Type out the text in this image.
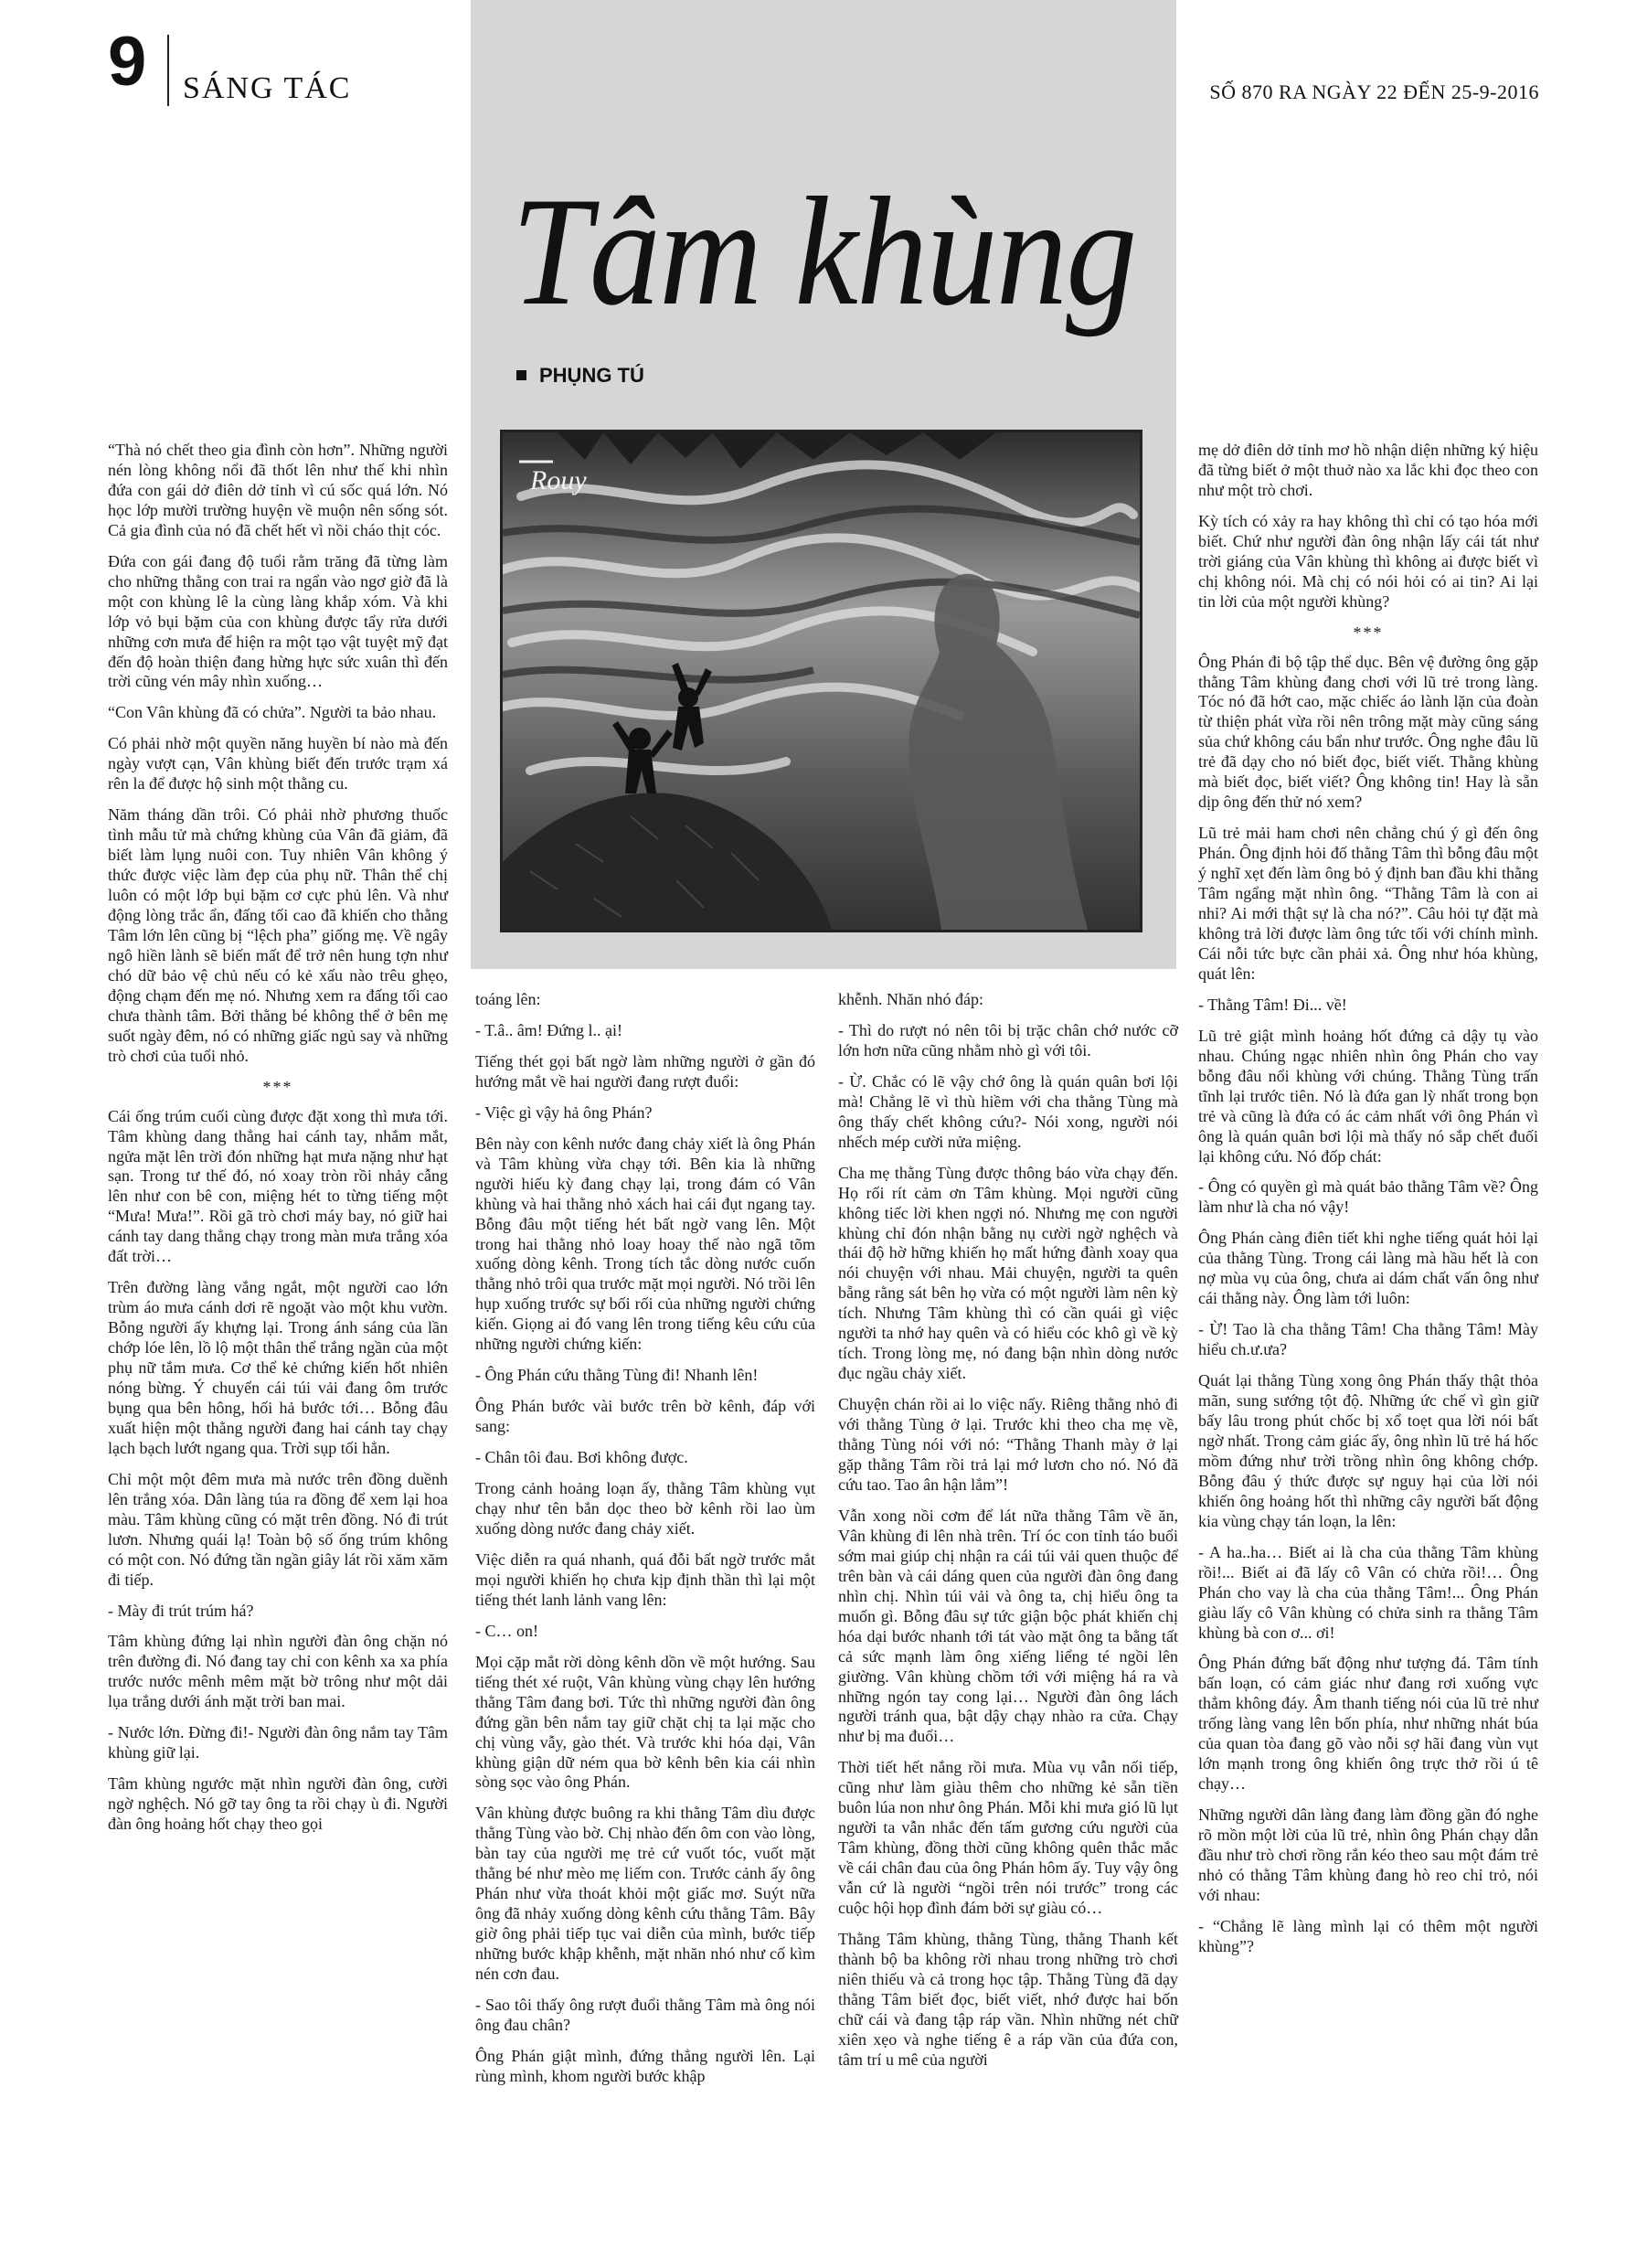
9 SÁNG TÁC	SỐ 870 RA NGÀY 22 ĐẾN 25-9-2016
Tâm khùng
PHỤNG TÚ
Rouy

“Thà nó chết theo gia đình còn hơn”. Những người nén lòng không nổi đã thốt lên như thế khi nhìn đứa con gái dở điên dở tỉnh vì cú sốc quá lớn. Nó học lớp mười trường huyện về muộn nên sống sót. Cả gia đình của nó đã chết hết vì nồi cháo thịt cóc.

Đứa con gái đang độ tuổi rằm trăng đã từng làm cho những thằng con trai ra ngẩn vào ngơ giờ đã là một con khùng lê la cùng làng khắp xóm. Và khi lớp vỏ bụi bặm của con khùng được tẩy rửa dưới những cơn mưa để hiện ra một tạo vật tuyệt mỹ đạt đến độ hoàn thiện đang hừng hực sức xuân thì đến trời cũng vén mây nhìn xuống…

“Con Vân khùng đã có chửa”. Người ta bảo nhau.

Có phải nhờ một quyền năng huyền bí nào mà đến ngày vượt cạn, Vân khùng biết đến trước trạm xá rên la để được hộ sinh một thằng cu.

Năm tháng dần trôi. Có phải nhờ phương thuốc tình mẫu tử mà chứng khùng của Vân đã giảm, đã biết làm lụng nuôi con. Tuy nhiên Vân không ý thức được việc làm đẹp của phụ nữ. Thân thể chị luôn có một lớp bụi bặm cơ cực phủ lên. Và như động lòng trắc ẩn, đấng tối cao đã khiến cho thằng Tâm lớn lên cũng bị “lệch pha” giống mẹ. Về ngây ngô hiền lành sẽ biến mất để trở nên hung tợn như chó dữ bảo vệ chủ nếu có kẻ xấu nào trêu ghẹo, động chạm đến mẹ nó. Nhưng xem ra đấng tối cao chưa thành tâm. Bởi thằng bé không thể ở bên mẹ suốt ngày đêm, nó có những giấc ngủ say và những trò chơi của tuổi nhỏ.

***

Cái ống trúm cuối cùng được đặt xong thì mưa tới. Tâm khùng dang thẳng hai cánh tay, nhắm mắt, ngửa mặt lên trời đón những hạt mưa nặng như hạt sạn. Trong tư thế đó, nó xoay tròn rồi nhảy cẫng lên như con bê con, miệng hét to từng tiếng một “Mưa! Mưa!”. Rồi gã trò chơi máy bay, nó giữ hai cánh tay dang thẳng chạy trong màn mưa trắng xóa đất trời…

Trên đường làng vắng ngắt, một người cao lớn trùm áo mưa cánh dơi rẽ ngoặt vào một khu vườn. Bỗng người ấy khựng lại. Trong ánh sáng của lần chớp lóe lên, lồ lộ một thân thể trắng ngần của một phụ nữ tắm mưa. Cơ thể kẻ chứng kiến hốt nhiên nóng bừng. Ý chuyển cái túi vải đang ôm trước bụng qua bên hông, hối hả bước tới… Bỗng đâu xuất hiện một thằng người đang hai cánh tay chạy lạch bạch lướt ngang qua. Trời sụp tối hẳn.

Chỉ một một đêm mưa mà nước trên đồng duềnh lên trắng xóa. Dân làng túa ra đồng để xem lại hoa màu. Tâm khùng cũng có mặt trên đồng. Nó đi trút lươn. Nhưng quái lạ! Toàn bộ số ống trúm không có một con. Nó đứng tần ngần giây lát rồi xăm xăm đi tiếp.

- Mày đi trút trúm há?

Tâm khùng đứng lại nhìn người đàn ông chặn nó trên đường đi. Nó đang tay chỉ con kênh xa xa phía trước nước mênh mêm mặt bờ trông như một dải lụa trắng dưới ánh mặt trời ban mai.

- Nước lớn. Đừng đi!- Người đàn ông nắm tay Tâm khùng giữ lại.

Tâm khùng ngước mặt nhìn người đàn ông, cười ngờ nghệch. Nó gỡ tay ông ta rồi chạy ù đi. Người đàn ông hoảng hốt chạy theo gọi

toáng lên:

- T.â.. âm! Đứng l.. ại!

Tiếng thét gọi bất ngờ làm những người ở gần đó hướng mắt về hai người đang rượt đuổi:

- Việc gì vậy hả ông Phán?

Bên này con kênh nước đang chảy xiết là ông Phán và Tâm khùng vừa chạy tới. Bên kia là những người hiếu kỳ đang chạy lại, trong đám có Vân khùng và hai thằng nhỏ xách hai cái đụt ngang tay. Bỗng đâu một tiếng hét bất ngờ vang lên. Một trong hai thằng nhỏ loay hoay thế nào ngã tõm xuống dòng kênh. Trong tích tắc dòng nước cuốn thằng nhỏ trôi qua trước mặt mọi người. Nó trồi lên hụp xuống trước sự bối rối của những người chứng kiến. Giọng ai đó vang lên trong tiếng kêu cứu của những người chứng kiến:

- Ông Phán cứu thằng Tùng đi! Nhanh lên!

Ông Phán bước vài bước trên bờ kênh, đáp với sang:

- Chân tôi đau. Bơi không được.

Trong cảnh hoảng loạn ấy, thằng Tâm khùng vụt chạy như tên bắn dọc theo bờ kênh rồi lao ùm xuống dòng nước đang chảy xiết.

Việc diễn ra quá nhanh, quá đỗi bất ngờ trước mắt mọi người khiến họ chưa kịp định thần thì lại một tiếng thét lanh lảnh vang lên:

- C… on!

Mọi cặp mắt rời dòng kênh dồn về một hướng. Sau tiếng thét xé ruột, Vân khùng vùng chạy lên hướng thằng Tâm đang bơi. Tức thì những người đàn ông đứng gần bên nắm tay giữ chặt chị ta lại mặc cho chị vùng vẫy, gào thét. Và trước khi hóa dại, Vân khùng giận dữ ném qua bờ kênh bên kia cái nhìn sòng sọc vào ông Phán.

Vân khùng được buông ra khi thằng Tâm dìu được thằng Tùng vào bờ. Chị nhào đến ôm con vào lòng, bàn tay của người mẹ trẻ cứ vuốt tóc, vuốt mặt thằng bé như mèo mẹ liếm con. Trước cảnh ấy ông Phán như vừa thoát khỏi một giấc mơ. Suýt nữa ông đã nhảy xuống dòng kênh cứu thằng Tâm. Bây giờ ông phải tiếp tục vai diễn của mình, bước tiếp những bước khập khễnh, mặt nhăn nhó như cố kìm nén cơn đau.

- Sao tôi thấy ông rượt đuổi thằng Tâm mà ông nói ông đau chân?

Ông Phán giật mình, đứng thẳng người lên. Lại rùng mình, khom người bước khập

khễnh. Nhăn nhó đáp:

- Thì do rượt nó nên tôi bị trặc chân chớ nước cỡ lớn hơn nữa cũng nhằm nhò gì với tôi.

- Ừ. Chắc có lẽ vậy chớ ông là quán quân bơi lội mà! Chẳng lẽ vì thù hiềm với cha thằng Tùng mà ông thấy chết không cứu?- Nói xong, người nói nhếch mép cười nửa miệng.

Cha mẹ thằng Tùng được thông báo vừa chạy đến. Họ rối rít cảm ơn Tâm khùng. Mọi người cũng không tiếc lời khen ngợi nó. Nhưng mẹ con người khùng chỉ đón nhận bằng nụ cười ngờ nghệch và thái độ hờ hững khiến họ mất hứng đành xoay qua nói chuyện với nhau. Mải chuyện, người ta quên bẵng rằng sát bên họ vừa có một người làm nên kỳ tích. Nhưng Tâm khùng thì có cần quái gì việc người ta nhớ hay quên và có hiểu cóc khô gì về kỳ tích. Trong lòng mẹ, nó đang bận nhìn dòng nước đục ngầu chảy xiết.

Chuyện chán rồi ai lo việc nấy. Riêng thằng nhỏ đi với thằng Tùng ở lại. Trước khi theo cha mẹ về, thằng Tùng nói với nó: “Thằng Thanh mày ở lại gặp thằng Tâm rồi trả lại mớ lươn cho nó. Nó đã cứu tao. Tao ân hận lắm”!

Vẫn xong nồi cơm để lát nữa thằng Tâm về ăn, Vân khùng đi lên nhà trên. Trí óc con tỉnh táo buổi sớm mai giúp chị nhận ra cái túi vải quen thuộc để trên bàn và cái dáng quen của người đàn ông đang nhìn chị. Nhìn túi vải và ông ta, chị hiểu ông ta muốn gì. Bỗng đâu sự tức giận bộc phát khiến chị hóa dại bước nhanh tới tát vào mặt ông ta bằng tất cả sức mạnh làm ông xiếng liểng té ngồi lên giường. Vân khùng chồm tới với miệng há ra và những ngón tay cong lại… Người đàn ông lách người tránh qua, bật dậy chạy nhào ra cửa. Chạy như bị ma đuổi…

Thời tiết hết nắng rồi mưa. Mùa vụ vẫn nối tiếp, cũng như làm giàu thêm cho những kẻ sẵn tiền buôn lúa non như ông Phán. Mỗi khi mưa gió lũ lụt người ta vẫn nhắc đến tấm gương cứu người của Tâm khùng, đồng thời cũng không quên thắc mắc về cái chân đau của ông Phán hôm ấy. Tuy vậy ông vẫn cứ là người “ngồi trên nói trước” trong các cuộc hội họp đình đám bởi sự giàu có…

Thằng Tâm khùng, thằng Tùng, thằng Thanh kết thành bộ ba không rời nhau trong những trò chơi niên thiếu và cả trong học tập. Thằng Tùng đã dạy thằng Tâm biết đọc, biết viết, nhớ được hai bốn chữ cái và đang tập ráp vần. Nhìn những nét chữ xiên xẹo và nghe tiếng ê a ráp vần của đứa con, tâm trí u mê của người

mẹ dở điên dở tỉnh mơ hồ nhận diện những ký hiệu đã từng biết ở một thuở nào xa lắc khi đọc theo con như một trò chơi.

Kỳ tích có xảy ra hay không thì chỉ có tạo hóa mới biết. Chứ như người đàn ông nhận lấy cái tát như trời giáng của Vân khùng thì không ai được biết vì chị không nói. Mà chị có nói hỏi có ai tin? Ai lại tin lời của một người khùng?

***

Ông Phán đi bộ tập thể dục. Bên vệ đường ông gặp thằng Tâm khùng đang chơi với lũ trẻ trong làng. Tóc nó đã hớt cao, mặc chiếc áo lành lặn của đoàn từ thiện phát vừa rồi nên trông mặt mày cũng sáng sủa chứ không cáu bẩn như trước. Ông nghe đâu lũ trẻ đã dạy cho nó biết đọc, biết viết. Thằng khùng mà biết đọc, biết viết? Ông không tin! Hay là sẵn dịp ông đến thử nó xem?

Lũ trẻ mải ham chơi nên chẳng chú ý gì đến ông Phán. Ông định hỏi đố thằng Tâm thì bỗng đâu một ý nghĩ xẹt đến làm ông bỏ ý định ban đầu khi thằng Tâm ngẩng mặt nhìn ông. “Thằng Tâm là con ai nhỉ? Ai mới thật sự là cha nó?”. Câu hỏi tự đặt mà không trả lời được làm ông tức tối với chính mình. Cái nỗi tức bực cần phải xả. Ông như hóa khùng, quát lên:

- Thằng Tâm! Đi... về!

Lũ trẻ giật mình hoảng hốt đứng cả dậy tụ vào nhau. Chúng ngạc nhiên nhìn ông Phán cho vay bỗng đâu nổi khùng với chúng. Thằng Tùng trấn tĩnh lại trước tiên. Nó là đứa gan lỳ nhất trong bọn trẻ và cũng là đứa có ác cảm nhất với ông Phán vì ông là quán quân bơi lội mà thấy nó sắp chết đuối lại không cứu. Nó đốp chát:

- Ông có quyền gì mà quát bảo thằng Tâm về? Ông làm như là cha nó vậy!

Ông Phán càng điên tiết khi nghe tiếng quát hỏi lại của thằng Tùng. Trong cái làng mà hầu hết là con nợ mùa vụ của ông, chưa ai dám chất vấn ông như cái thằng này. Ông làm tới luôn:

- Ừ! Tao là cha thằng Tâm! Cha thằng Tâm! Mày hiểu ch.ư.ưa?

Quát lại thằng Tùng xong ông Phán thấy thật thỏa mãn, sung sướng tột độ. Những ức chế vì gìn giữ bấy lâu trong phút chốc bị xổ toẹt qua lời nói bất ngờ nhất. Trong cảm giác ấy, ông nhìn lũ trẻ há hốc mồm đứng như trời trồng nhìn ông không chớp. Bỗng đâu ý thức được sự nguy hại của lời nói khiến ông hoảng hốt thì những cây người bất động kia vùng chạy tán loạn, la lên:

- A ha..ha… Biết ai là cha của thằng Tâm khùng rồi!... Biết ai đã lấy cô Vân có chửa rồi!… Ông Phán cho vay là cha của thằng Tâm!... Ông Phán giàu lấy cô Vân khùng có chửa sinh ra thằng Tâm khùng bà con ơ... ơi!

Ông Phán đứng bất động như tượng đá. Tâm tính bấn loạn, có cảm giác như đang rơi xuống vực thẳm không đáy. Âm thanh tiếng nói của lũ trẻ như trống làng vang lên bốn phía, như những nhát búa của quan tòa đang gõ vào nỗi sợ hãi đang vùn vụt lớn mạnh trong ông khiến ông trực thở rồi ú tê chạy…

Những người dân làng đang làm đồng gần đó nghe rõ mồn một lời của lũ trẻ, nhìn ông Phán chạy dẫn đầu như trò chơi rồng rắn kéo theo sau một đám trẻ nhỏ có thằng Tâm khùng đang hò reo chỉ trỏ, nói với nhau:

- “Chẳng lẽ làng mình lại có thêm một người khùng”?
